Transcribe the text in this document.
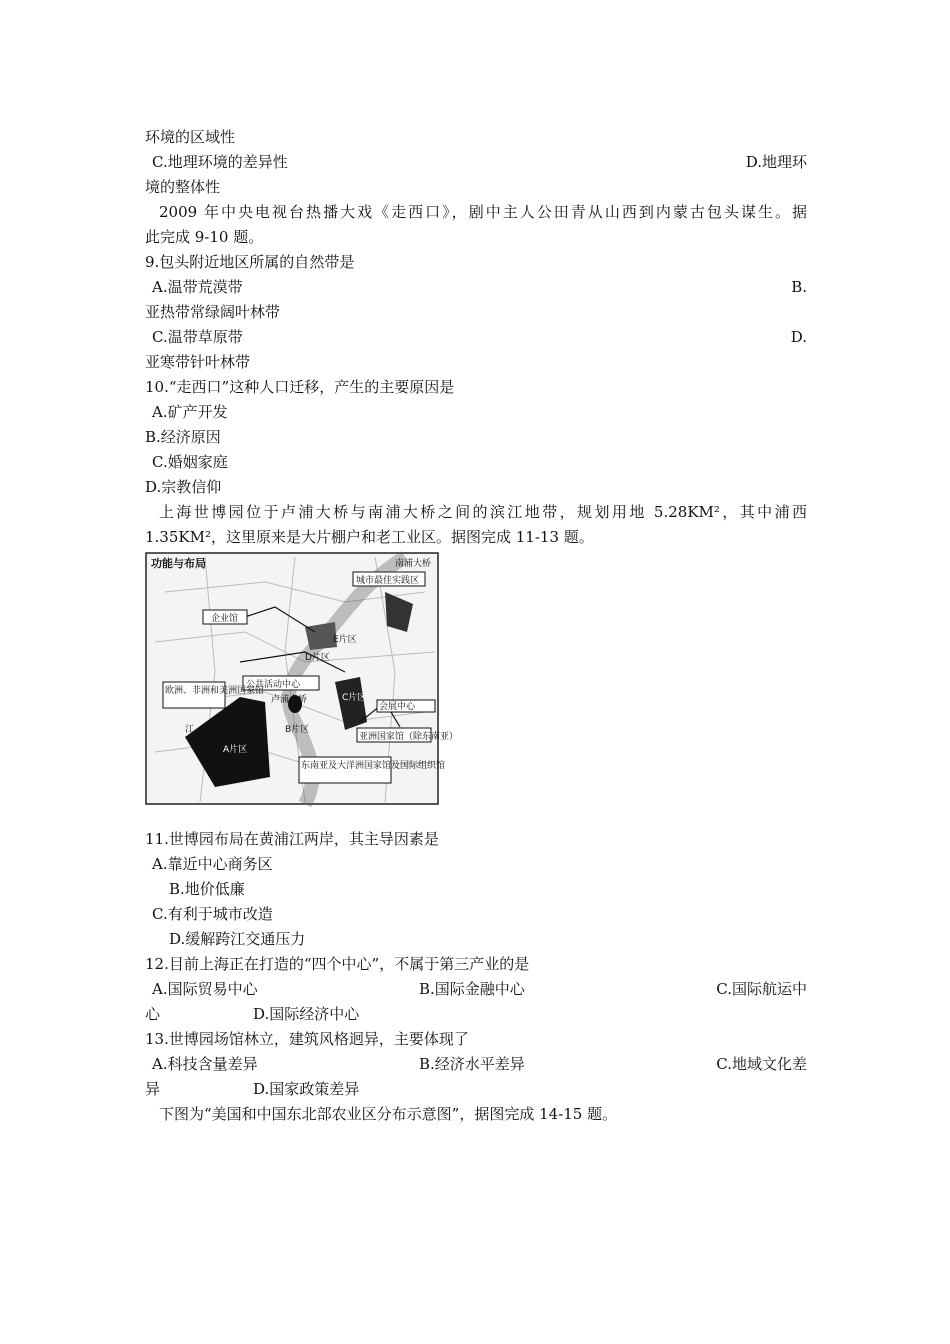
环境的区域性
C.地理环境的差异性	D.地理环
境的整体性
2009 年中央电视台热播大戏《走西口》，剧中主人公田青从山西到内蒙古包头谋生。据
此完成 9-10 题。
9.包头附近地区所属的自然带是
A.温带荒漠带	B.
亚热带常绿阔叶林带
C.温带草原带	D.
亚寒带针叶林带
10.“走西口”这种人口迁移，产生的主要原因是
A.矿产开发
B.经济原因
C.婚姻家庭
D.宗教信仰
上海世博园位于卢浦大桥与南浦大桥之间的滨江地带，规划用地 5.28KM²，其中浦西
1.35KM²，这里原来是大片棚户和老工业区。据图完成 11-13 题。
功能与布局	南浦大桥
城市最佳实践区
企业馆
公共活动中心
卢浦大桥
欧洲、非洲和美洲国家馆
江
会展中心
亚洲国家馆（除东南亚）
东南亚及大洋洲国家馆及国际组织馆
A片区
B片区
C片区
D片区
E片区
11.世博园布局在黄浦江两岸，其主导因素是
A.靠近中心商务区
B.地价低廉
C.有利于城市改造
D.缓解跨江交通压力
12.目前上海正在打造的“四个中心”，不属于第三产业的是
A.国际贸易中心	B.国际金融中心	C.国际航运中
心	D.国际经济中心
13.世博园场馆林立，建筑风格迥异，主要体现了
A.科技含量差异	B.经济水平差异	C.地域文化差
异	D.国家政策差异
下图为“美国和中国东北部农业区分布示意图”，据图完成 14-15 题。
